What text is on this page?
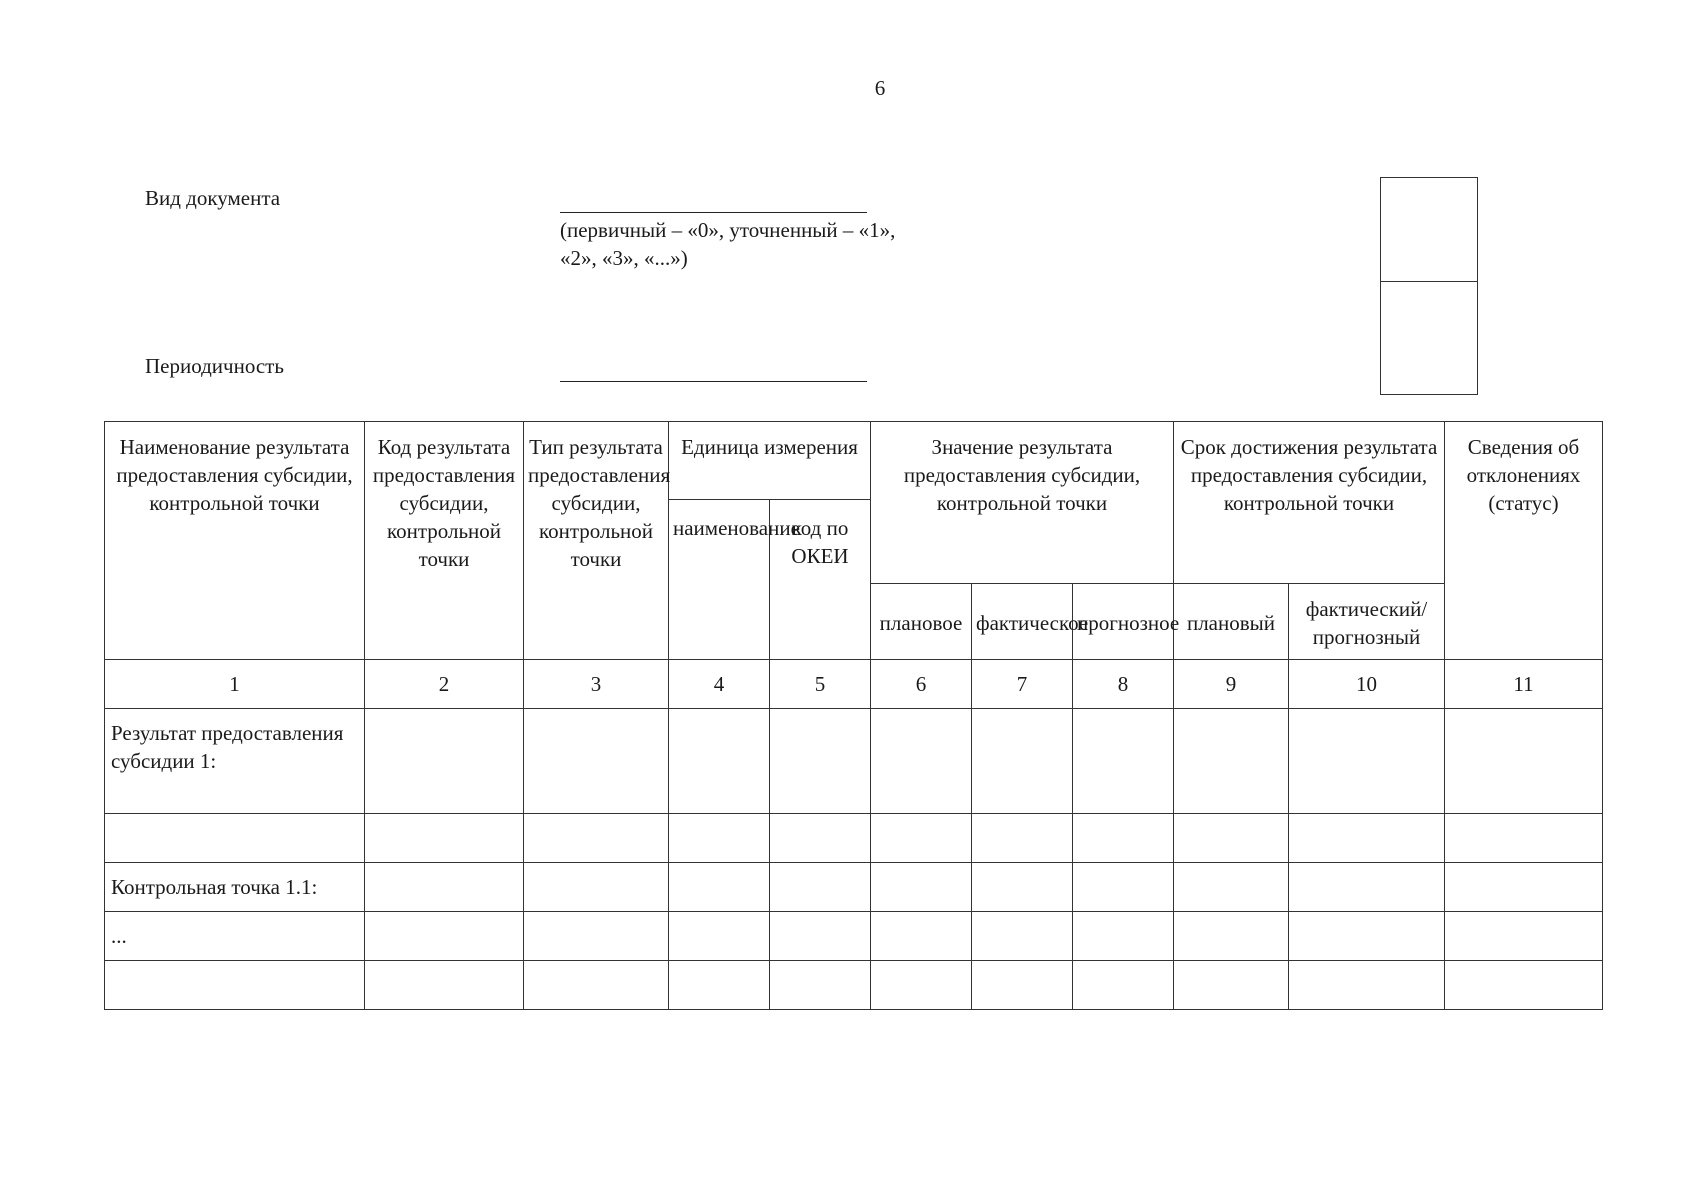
6
Вид документа
(первичный – «0», уточненный – «1», «2», «3», «...»)
Периодичность
Наименование результата предоставления субсидии, контрольной точки	Код результата предоставления субсидии, контрольной точки	Тип результата предоставления субсидии, контрольной точки	Единица измерения		Значение результата предоставления субсидии, контрольной точки			Срок достижения результата предоставления субсидии, контрольной точки		Сведения об отклонениях (статус)
			наименование	код по ОКЕИ						
					плановое	фактическое	прогнозное	плановый	фактический/ прогнозный	
1	2	3	4	5	6	7	8	9	10	11
Результат предоставления субсидии 1:										

Контрольная точка 1.1:										
...										
